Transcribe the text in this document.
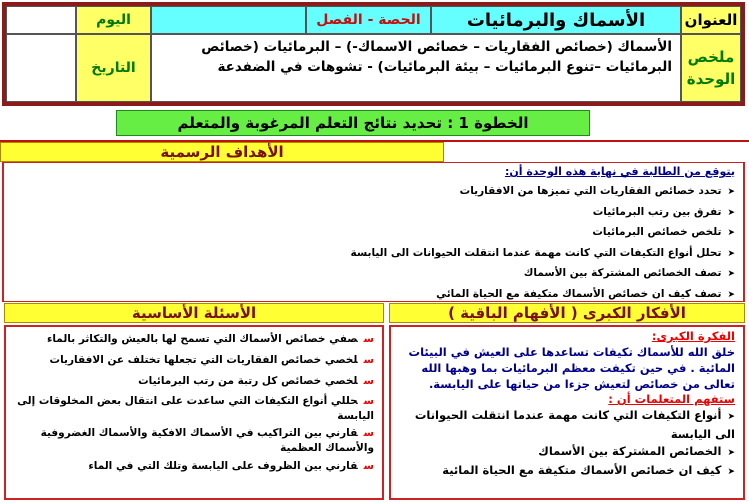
العنوان
الأسماك والبرمائيات
الحصة - الفصل
اليوم
ملخص الوحدة
الأسماك (خصائص الفقاريات – خصائص الاسماك-) – البرمائيات (خصائص البرمائيات –تنوع البرمائيات – بيئة البرمائيات) - تشوهات في الضفدعة
التاريخ
الخطوة 1 : تحديد نتائج التعلم المرغوبة والمتعلم
الأهداف الرسمية
يتوقع من الطالبة في نهاية هذه الوحدة أن:
➤تحدد خصائص الفقاريات التي تميزها من الافقاريات
➤تفرق بين رتب البرمائيات
➤تلخص خصائص البرمائيات
➤تحلل أنواع التكيفات التي كانت مهمة عندما انتقلت الحيوانات الى اليابسة
➤تصف الخصائص المشتركة بين الأسماك
➤تصف كيف ان خصائص الأسماك متكيفة مع الحياة المائي
الأفكار الكبرى ( الأفهام الباقية )
الأسئلة الأساسية
الفكرة الكبرى:
خلق الله للأسماك تكيفات تساعدها على العيش في البيئات المائية . في حين تكيفت معظم البرمائيات بما وهبها الله تعالى من خصائص لتعيش جزءا من حياتها على اليابسة.
ستفهم المتعلمات أن :
➤أنواع التكيفات التي كانت مهمة عندما انتقلت الحيوانات الى اليابسة
➤الخصائص المشتركة بين الأسماك
➤كيف ان خصائص الأسماك متكيفة مع الحياة المائية
سصفي خصائص الأسماك التي تسمح لها بالعيش والتكاثر بالماء
سلخصي خصائص الفقاريات التي تجعلها تختلف عن الافقاريات
سلخصي خصائص كل رتبة من رتب البرمائيات
سحللي أنواع التكيفات التي ساعدت على انتقال بعض المخلوقات إلى اليابسة
سقارني بين التراكيب في الأسماك الافكية والأسماك الغضروفية والأسماك العظمية
سقارني بين الظروف على اليابسة وتلك التي في الماء
